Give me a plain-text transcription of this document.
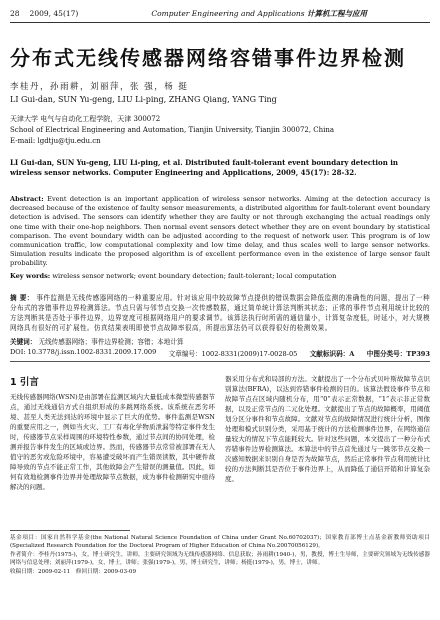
28 2009, 45(17)	Computer Engineering and Applications 计算机工程与应用
分布式无线传感器网络容错事件边界检测
李桂丹，孙雨耕，刘丽萍，张 强，杨 挺
LI Gui-dan, SUN Yu-geng, LIU Li-ping, ZHANG Qiang, YANG Ting
天津大学 电气与自动化工程学院，天津 300072
School of Electrical Engineering and Automation, Tianjin University, Tianjin 300072, China
E-mail: lgdtju@tju.edu.cn
LI Gui-dan, SUN Yu-geng, LIU Li-ping, et al. Distributed fault-tolerant event boundary detection in wireless sensor networks. Computer Engineering and Applications, 2009, 45(17): 28-32.
Abstract: Event detection is an important application of wireless sensor networks. Aiming at the detection accuracy is decreased because of the existence of faulty sensor measurements, a distributed algorithm for fault-tolerant event boundary detection is advised. The sensors can identify whether they are faulty or not through exchanging the actual readings only one time with their one-hop neighbors. Then normal event sensors detect whether they are on event boundary by statistical comparison. The event boundary width can be adjusted according to the request of network user. This program is of low communication traffic, low computational complexity and low time delay, and thus scales well to large sensor networks. Simulation results indicate the proposed algorithm is of excellent performance even in the existence of large sensor fault probability.
Key words: wireless sensor network; event boundary detection; fault-tolerant; local computation
摘 要： 事件监测是无线传感器网络的一种重要应用。针对该应用中较故障节点提供的错误数据会降低监测的准确性的问题，提出了一种分布式的容错事件边界检测算法。节点只需与邻节点交换一次传感数据，通过简单统计算法判断其状态；正常的事件节点利用统计比较的方法判断其是否处于事件边界，边界宽度可根据网络用户的要求调节。该算法执行时所需的通信量小，计算复杂度低，时延小，对大规模网络具有很好的可扩展性。仿真结果表明即使节点故障率很高，所提出算法仍可以获得很好的检测效果。
关键词： 无线传感器网络；事件边界检测；容错；本地计算
DOI: 10.3778/j.issn.1002-8331.2009.17.009 文章编号：1002-8331(2009)17-0028-05 文献标识码：A 中图分类号：TP393
1 引言
无线传感器网络(WSN)是由部署在监测区域内大量低成本微型传感器节点，通过无线通信方式自组织形成的多跳网络系统。该系统在恶劣环境、甚至人类无法到达的环境中显示了巨大的优势。事件监测是WSN的重要应用之一，例如当火灾、工厂有毒化学物质泄漏等特定事件发生时，传感器节点采样周围的环境特性参数，通过节点间的协同处理，检测并报告事件发生的区域或边界。然而，传感器节点常常被部署在无人值守的恶劣或危险环境中，容易遭受破坏而产生错误读数，其中硬件故障导致的节点不能正常工作，其他故障会产生错误的测量值。因此，如何有效地检测事件边界并处理故障节点数据，成为事件检测研究中亟待解决的问题。
器采用分布式和局部的方法。文献提出了一个分布式贝叶斯故障节点识别算法(BFRA)，以达到容错事件检测的目的。该算法假设事件节点和故障节点在区域内随机分布，用“0”表示正常数据，“1”表示非正常数据，以及正常节点的二元化处理。文献提出了节点的故障概率，用阈值划分区分事件和节点故障。文献对节点的故障情况进行统计分析，图像处理和模式识别分类，采用基于统计的方法检测事件边界，在网络通信量较大的情况下节点能耗较大。针对这些问题，本文提出了一种分布式容错事件边界检测算法。本算法中的节点首先通过与一跳邻节点交换一次感知数据来识别自身是否为故障节点，然后正常事件节点利用统计比较的方法判断其是否位于事件边界上，从而降低了通信开销和计算复杂度。
基金项目：国家自然科学基金(the National Natural Science Foundation of China under Grant No.60702037)；国家教育部博士点基金新教师资助项目(Specialized Research Foundation for the Doctoral Program of Higher Education of China No.20070056129)。
作者简介：李桂丹(1975-)，女，博士研究生，讲师，主要研究领域为无线传感器网络、信息获取；孙雨耕(1940-)，男，教授，博士生导师，主要研究领域为无线传感器网络与信息处理；刘丽萍(1979-)，女，博士，讲师；张强(1979-)，男，博士研究生，讲师；杨挺(1979-)，男，博士，讲师。
收稿日期：2009-02-11　修回日期：2009-03-09
